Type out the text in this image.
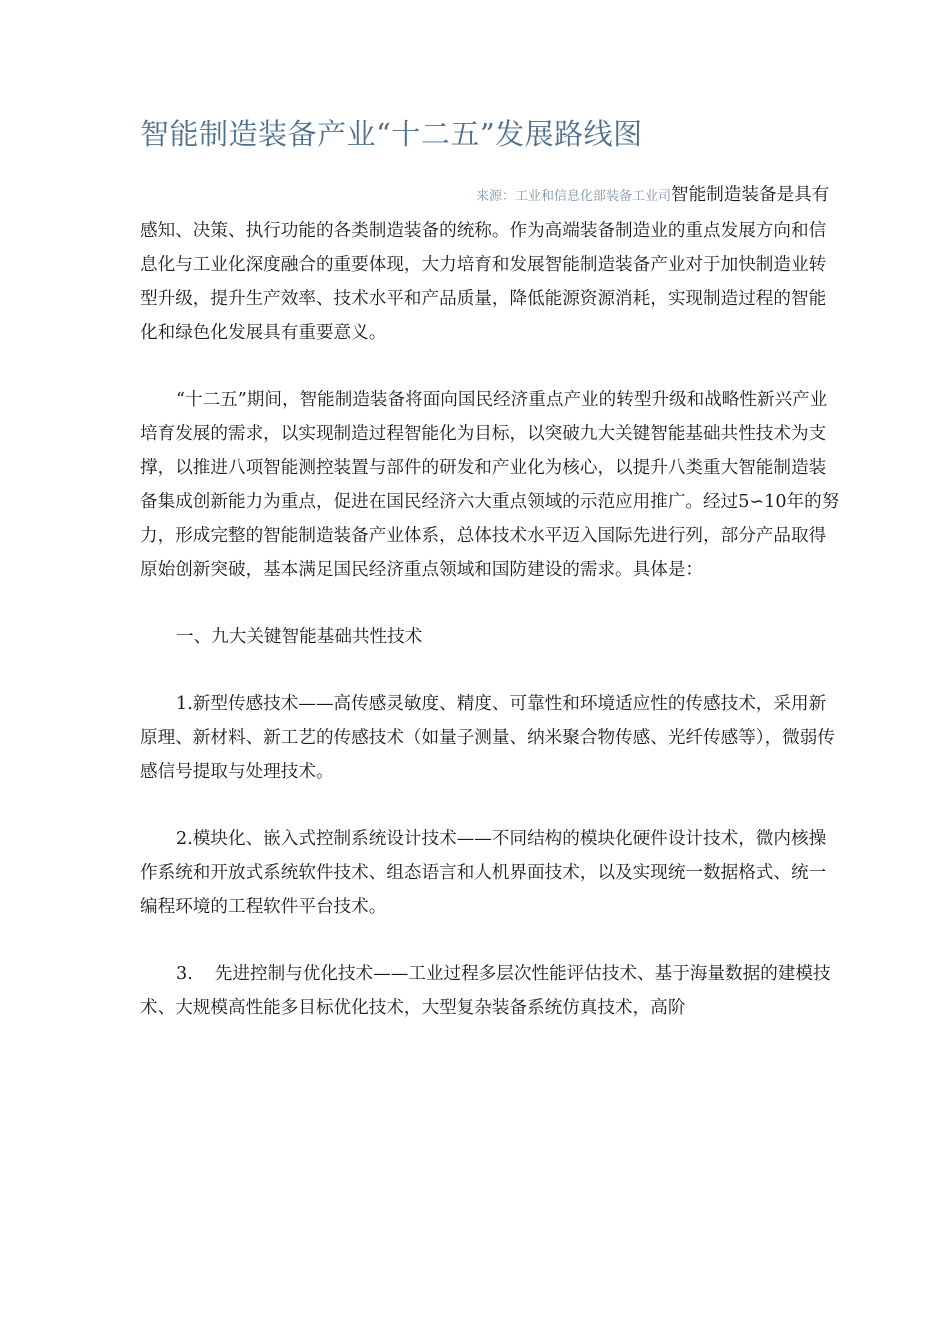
智能制造装备产业“十二五”发展路线图

来源：工业和信息化部装备工业司智能制造装备是具有感知、决策、执行功能的各类制造装备的统称。作为高端装备制造业的重点发展方向和信息化与工业化深度融合的重要体现，大力培育和发展智能制造装备产业对于加快制造业转型升级，提升生产效率、技术水平和产品质量，降低能源资源消耗，实现制造过程的智能化和绿色化发展具有重要意义。

“十二五”期间，智能制造装备将面向国民经济重点产业的转型升级和战略性新兴产业培育发展的需求，以实现制造过程智能化为目标，以突破九大关键智能基础共性技术为支撑，以推进八项智能测控装置与部件的研发和产业化为核心，以提升八类重大智能制造装备集成创新能力为重点，促进在国民经济六大重点领域的示范应用推广。经过5∽10年的努力，形成完整的智能制造装备产业体系，总体技术水平迈入国际先进行列，部分产品取得原始创新突破，基本满足国民经济重点领域和国防建设的需求。具体是：

一、九大关键智能基础共性技术

1.新型传感技术——高传感灵敏度、精度、可靠性和环境适应性的传感技术，采用新原理、新材料、新工艺的传感技术（如量子测量、纳米聚合物传感、光纤传感等），微弱传感信号提取与处理技术。

2.模块化、嵌入式控制系统设计技术——不同结构的模块化硬件设计技术，微内核操作系统和开放式系统软件技术、组态语言和人机界面技术，以及实现统一数据格式、统一编程环境的工程软件平台技术。

3. 先进控制与优化技术——工业过程多层次性能评估技术、基于海量数据的建模技术、大规模高性能多目标优化技术，大型复杂装备系统仿真技术，高阶
